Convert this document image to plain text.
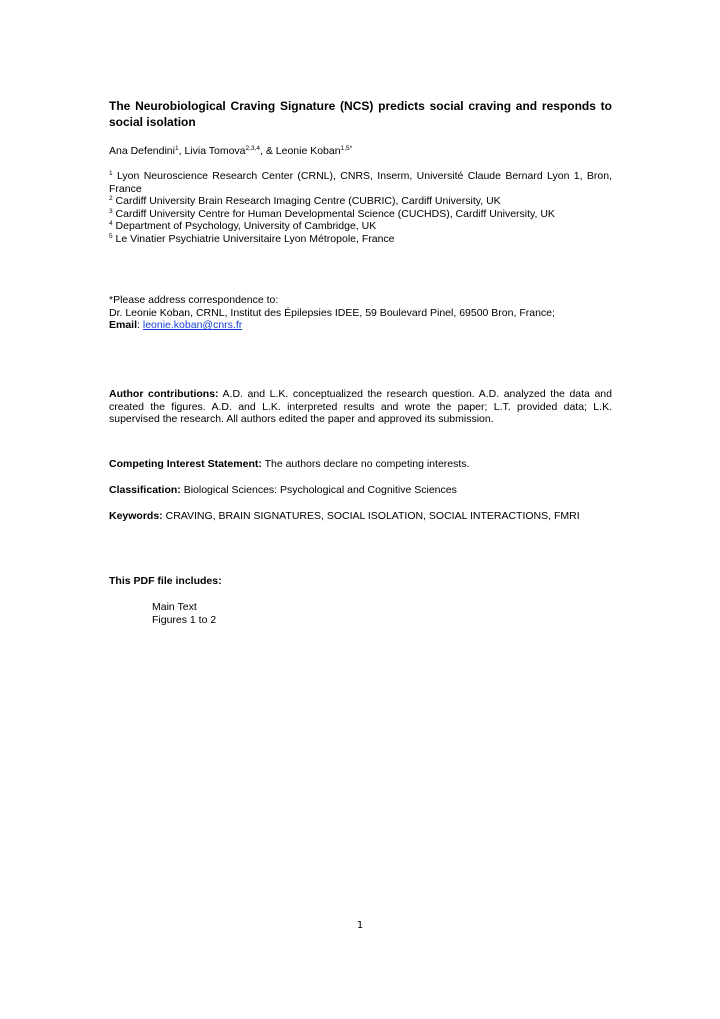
The Neurobiological Craving Signature (NCS) predicts social craving and responds to social isolation
Ana Defendini$^1$, Livia Tomova$^{2,3,4}$, & Leonie Koban$^{1,5*}$
$^1$ Lyon Neuroscience Research Center (CRNL), CNRS, Inserm, Université Claude Bernard Lyon 1, Bron, France
$^2$ Cardiff University Brain Research Imaging Centre (CUBRIC), Cardiff University, UK
$^3$ Cardiff University Centre for Human Developmental Science (CUCHDS), Cardiff University, UK
$^4$ Department of Psychology, University of Cambridge, UK
$^5$ Le Vinatier Psychiatrie Universitaire Lyon Métropole, France
*Please address correspondence to:
Dr. Leonie Koban, CRNL, Institut des Épilepsies IDEE, 59 Boulevard Pinel, 69500 Bron, France;
Email: leonie.koban@cnrs.fr
Author contributions: A.D. and L.K. conceptualized the research question. A.D. analyzed the data and created the figures. A.D. and L.K. interpreted results and wrote the paper; L.T. provided data; L.K. supervised the research. All authors edited the paper and approved its submission.
Competing Interest Statement: The authors declare no competing interests.
Classification: Biological Sciences: Psychological and Cognitive Sciences
Keywords: CRAVING, BRAIN SIGNATURES, SOCIAL ISOLATION, SOCIAL INTERACTIONS, FMRI
This PDF file includes:
Main Text
Figures 1 to 2
1
